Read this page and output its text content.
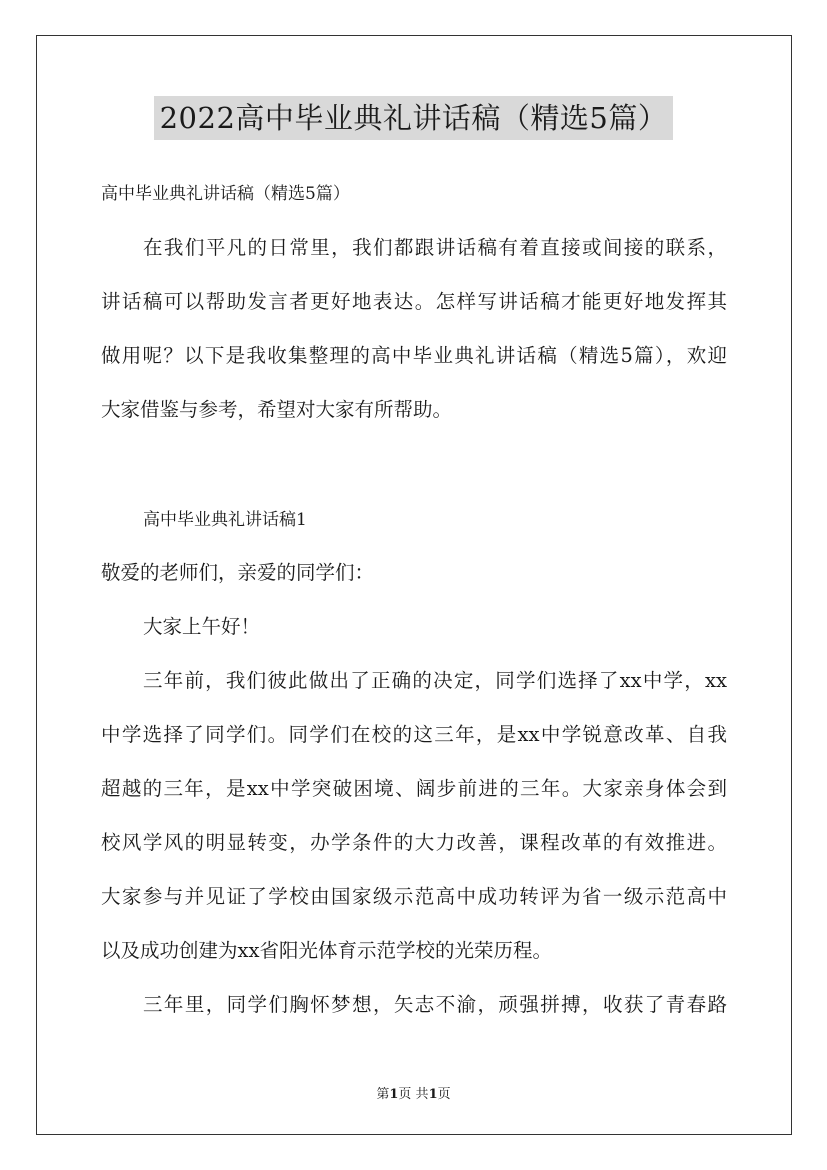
2022高中毕业典礼讲话稿（精选5篇）
高中毕业典礼讲话稿（精选5篇）
在我们平凡的日常里，我们都跟讲话稿有着直接或间接的联系，
讲话稿可以帮助发言者更好地表达。怎样写讲话稿才能更好地发挥其
做用呢？以下是我收集整理的高中毕业典礼讲话稿（精选5篇），欢迎
大家借鉴与参考，希望对大家有所帮助。
高中毕业典礼讲话稿1
敬爱的老师们，亲爱的同学们：
大家上午好！
三年前，我们彼此做出了正确的决定，同学们选择了xx中学，xx
中学选择了同学们。同学们在校的这三年，是xx中学锐意改革、自我
超越的三年，是xx中学突破困境、阔步前进的三年。大家亲身体会到
校风学风的明显转变，办学条件的大力改善，课程改革的有效推进。
大家参与并见证了学校由国家级示范高中成功转评为省一级示范高中
以及成功创建为xx省阳光体育示范学校的光荣历程。
三年里，同学们胸怀梦想，矢志不渝，顽强拼搏，收获了青春路
第1页 共1页
